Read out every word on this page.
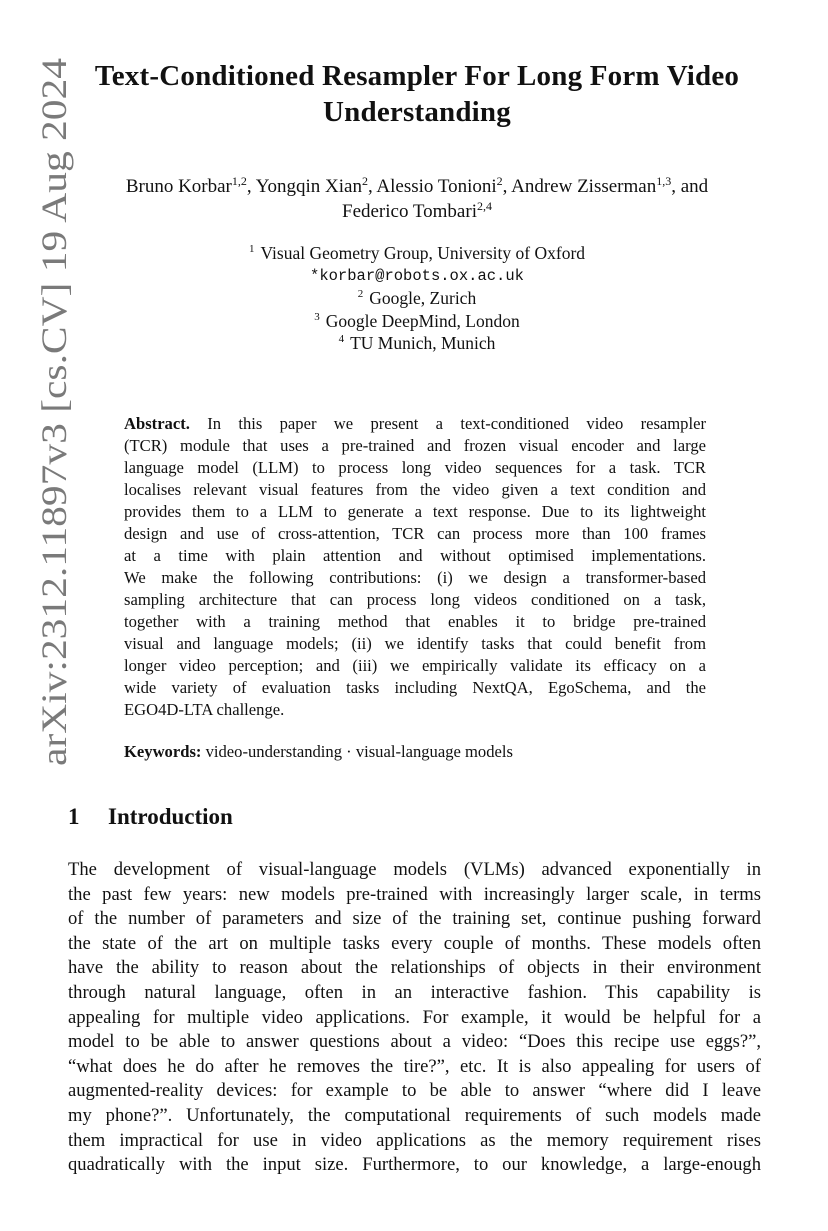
arXiv:2312.11897v3 [cs.CV] 19 Aug 2024
Text-Conditioned Resampler For Long Form Video
Understanding
Bruno Korbar$^{1,2}$, Yongqin Xian$^2$, Alessio Tonioni$^2$, Andrew Zisserman$^{1,3}$, and
Federico Tombari$^{2,4}$
$^1$ Visual Geometry Group, University of Oxford
*korbar@robots.ox.ac.uk
$^2$ Google, Zurich
$^3$ Google DeepMind, London
$^4$ TU Munich, Munich
Abstract. In this paper we present a text-conditioned video resampler
(TCR) module that uses a pre-trained and frozen visual encoder and large
language model (LLM) to process long video sequences for a task. TCR
localises relevant visual features from the video given a text condition and
provides them to a LLM to generate a text response. Due to its lightweight
design and use of cross-attention, TCR can process more than 100 frames
at a time with plain attention and without optimised implementations.
We make the following contributions: (i) we design a transformer-based
sampling architecture that can process long videos conditioned on a task,
together with a training method that enables it to bridge pre-trained
visual and language models; (ii) we identify tasks that could benefit from
longer video perception; and (iii) we empirically validate its efficacy on a
wide variety of evaluation tasks including NextQA, EgoSchema, and the
EGO4D-LTA challenge.
Keywords: video-understanding · visual-language models
1 Introduction
The development of visual-language models (VLMs) advanced exponentially in
the past few years: new models pre-trained with increasingly larger scale, in terms
of the number of parameters and size of the training set, continue pushing forward
the state of the art on multiple tasks every couple of months. These models often
have the ability to reason about the relationships of objects in their environment
through natural language, often in an interactive fashion. This capability is
appealing for multiple video applications. For example, it would be helpful for a
model to be able to answer questions about a video: “Does this recipe use eggs?”,
“what does he do after he removes the tire?”, etc. It is also appealing for users of
augmented-reality devices: for example to be able to answer “where did I leave
my phone?”. Unfortunately, the computational requirements of such models made
them impractical for use in video applications as the memory requirement rises
quadratically with the input size. Furthermore, to our knowledge, a large-enough
